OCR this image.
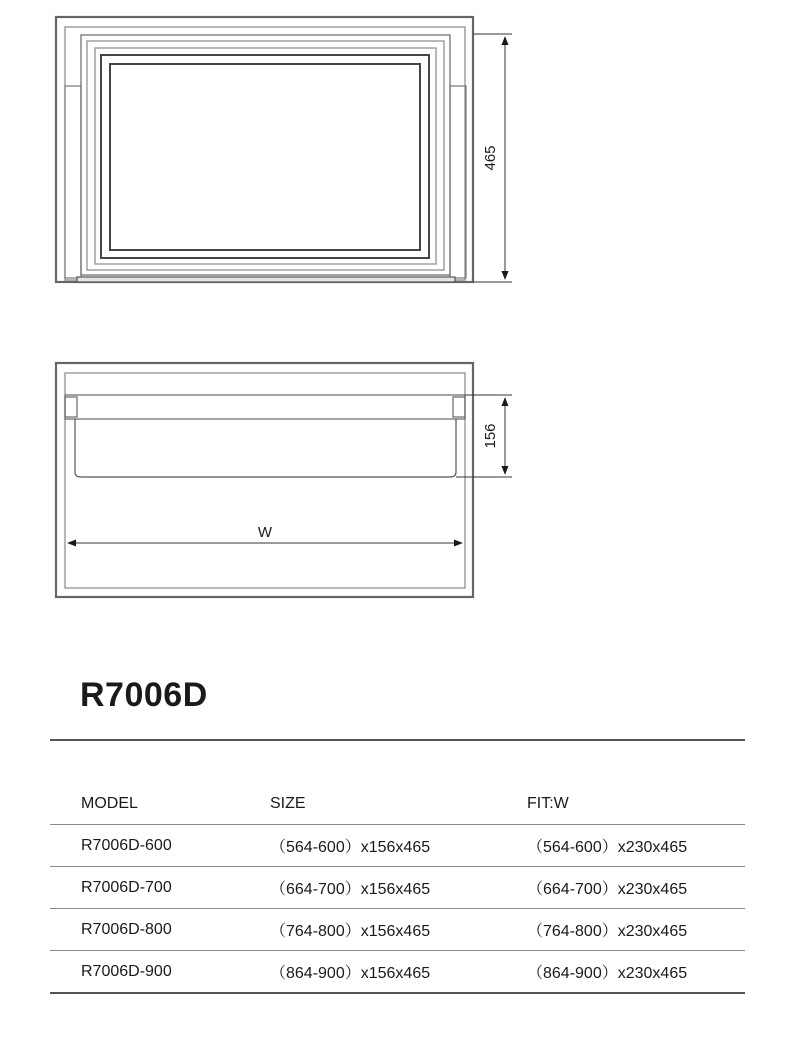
465
156
W
R7006D
MODEL	SIZE	FIT:W
R7006D-600	（564-600）x156x465	（564-600）x230x465
R7006D-700	（664-700）x156x465	（664-700）x230x465
R7006D-800	（764-800）x156x465	（764-800）x230x465
R7006D-900	（864-900）x156x465	（864-900）x230x465
